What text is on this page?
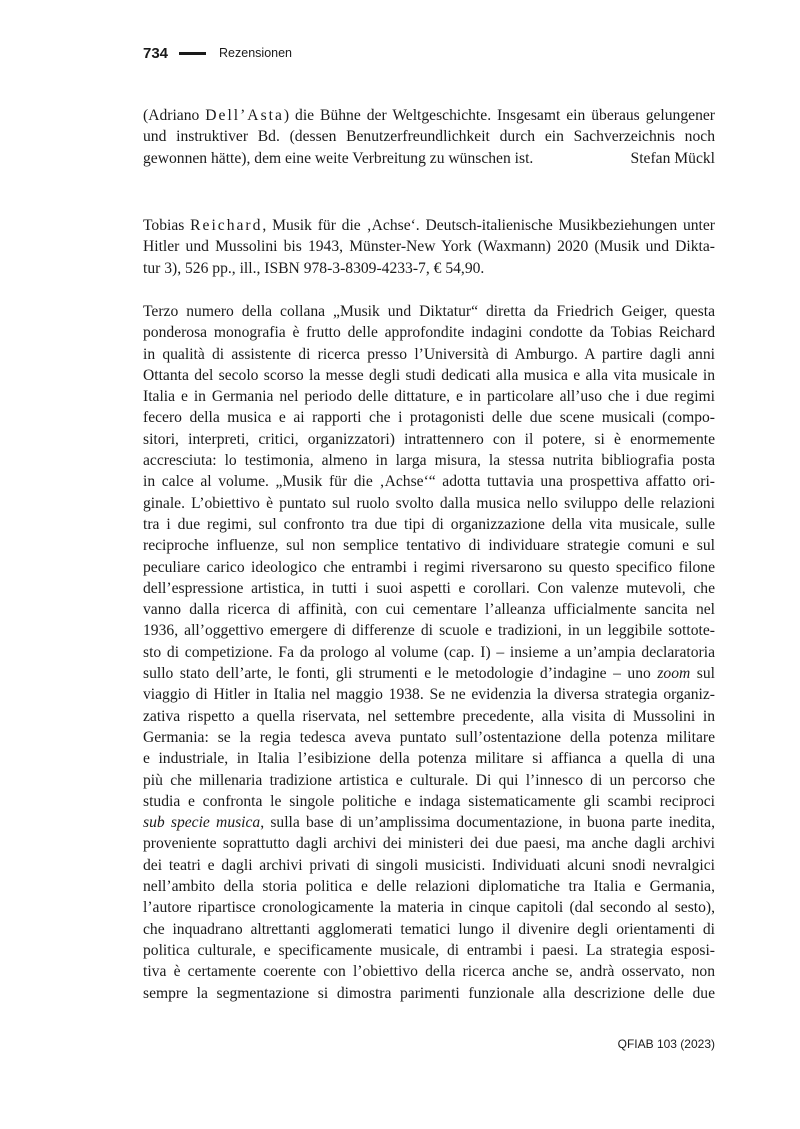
734	Rezensionen
(Adriano Dell’Asta) die Bühne der Weltgeschichte. Insgesamt ein überaus gelungener
und instruktiver Bd. (dessen Benutzerfreundlichkeit durch ein Sachverzeichnis noch
gewonnen hätte), dem eine weite Verbreitung zu wünschen ist.	Stefan Mückl
Tobias Reichard, Musik für die ‚Achse‘. Deutsch-italienische Musikbeziehungen unter
Hitler und Mussolini bis 1943, Münster-New York (Waxmann) 2020 (Musik und Dikta-
tur 3), 526 pp., ill., ISBN 978-3-8309-4233-7, € 54,90.
Terzo numero della collana „Musik und Diktatur“ diretta da Friedrich Geiger, questa
ponderosa monografia è frutto delle approfondite indagini condotte da Tobias Reichard
in qualità di assistente di ricerca presso l’Università di Amburgo. A partire dagli anni
Ottanta del secolo scorso la messe degli studi dedicati alla musica e alla vita musicale in
Italia e in Germania nel periodo delle dittature, e in particolare all’uso che i due regimi
fecero della musica e ai rapporti che i protagonisti delle due scene musicali (compo-
sitori, interpreti, critici, organizzatori) intrattennero con il potere, si è enormemente
accresciuta: lo testimonia, almeno in larga misura, la stessa nutrita bibliografia posta
in calce al volume. „Musik für die ‚Achse‘“ adotta tuttavia una prospettiva affatto ori-
ginale. L’obiettivo è puntato sul ruolo svolto dalla musica nello sviluppo delle relazioni
tra i due regimi, sul confronto tra due tipi di organizzazione della vita musicale, sulle
reciproche influenze, sul non semplice tentativo di individuare strategie comuni e sul
peculiare carico ideologico che entrambi i regimi riversarono su questo specifico filone
dell’espressione artistica, in tutti i suoi aspetti e corollari. Con valenze mutevoli, che
vanno dalla ricerca di affinità, con cui cementare l’alleanza ufficialmente sancita nel
1936, all’oggettivo emergere di differenze di scuole e tradizioni, in un leggibile sottote-
sto di competizione. Fa da prologo al volume (cap. I) – insieme a un’ampia declaratoria
sullo stato dell’arte, le fonti, gli strumenti e le metodologie d’indagine – uno zoom sul
viaggio di Hitler in Italia nel maggio 1938. Se ne evidenzia la diversa strategia organiz-
zativa rispetto a quella riservata, nel settembre precedente, alla visita di Mussolini in
Germania: se la regia tedesca aveva puntato sull’ostentazione della potenza militare
e industriale, in Italia l’esibizione della potenza militare si affianca a quella di una
più che millenaria tradizione artistica e culturale. Di qui l’innesco di un percorso che
studia e confronta le singole politiche e indaga sistematicamente gli scambi reciproci
sub specie musica, sulla base di un’amplissima documentazione, in buona parte inedita,
proveniente soprattutto dagli archivi dei ministeri dei due paesi, ma anche dagli archivi
dei teatri e dagli archivi privati di singoli musicisti. Individuati alcuni snodi nevralgici
nell’ambito della storia politica e delle relazioni diplomatiche tra Italia e Germania,
l’autore ripartisce cronologicamente la materia in cinque capitoli (dal secondo al sesto),
che inquadrano altrettanti agglomerati tematici lungo il divenire degli orientamenti di
politica culturale, e specificamente musicale, di entrambi i paesi. La strategia esposi-
tiva è certamente coerente con l’obiettivo della ricerca anche se, andrà osservato, non
sempre la segmentazione si dimostra parimenti funzionale alla descrizione delle due
QFIAB 103 (2023)
